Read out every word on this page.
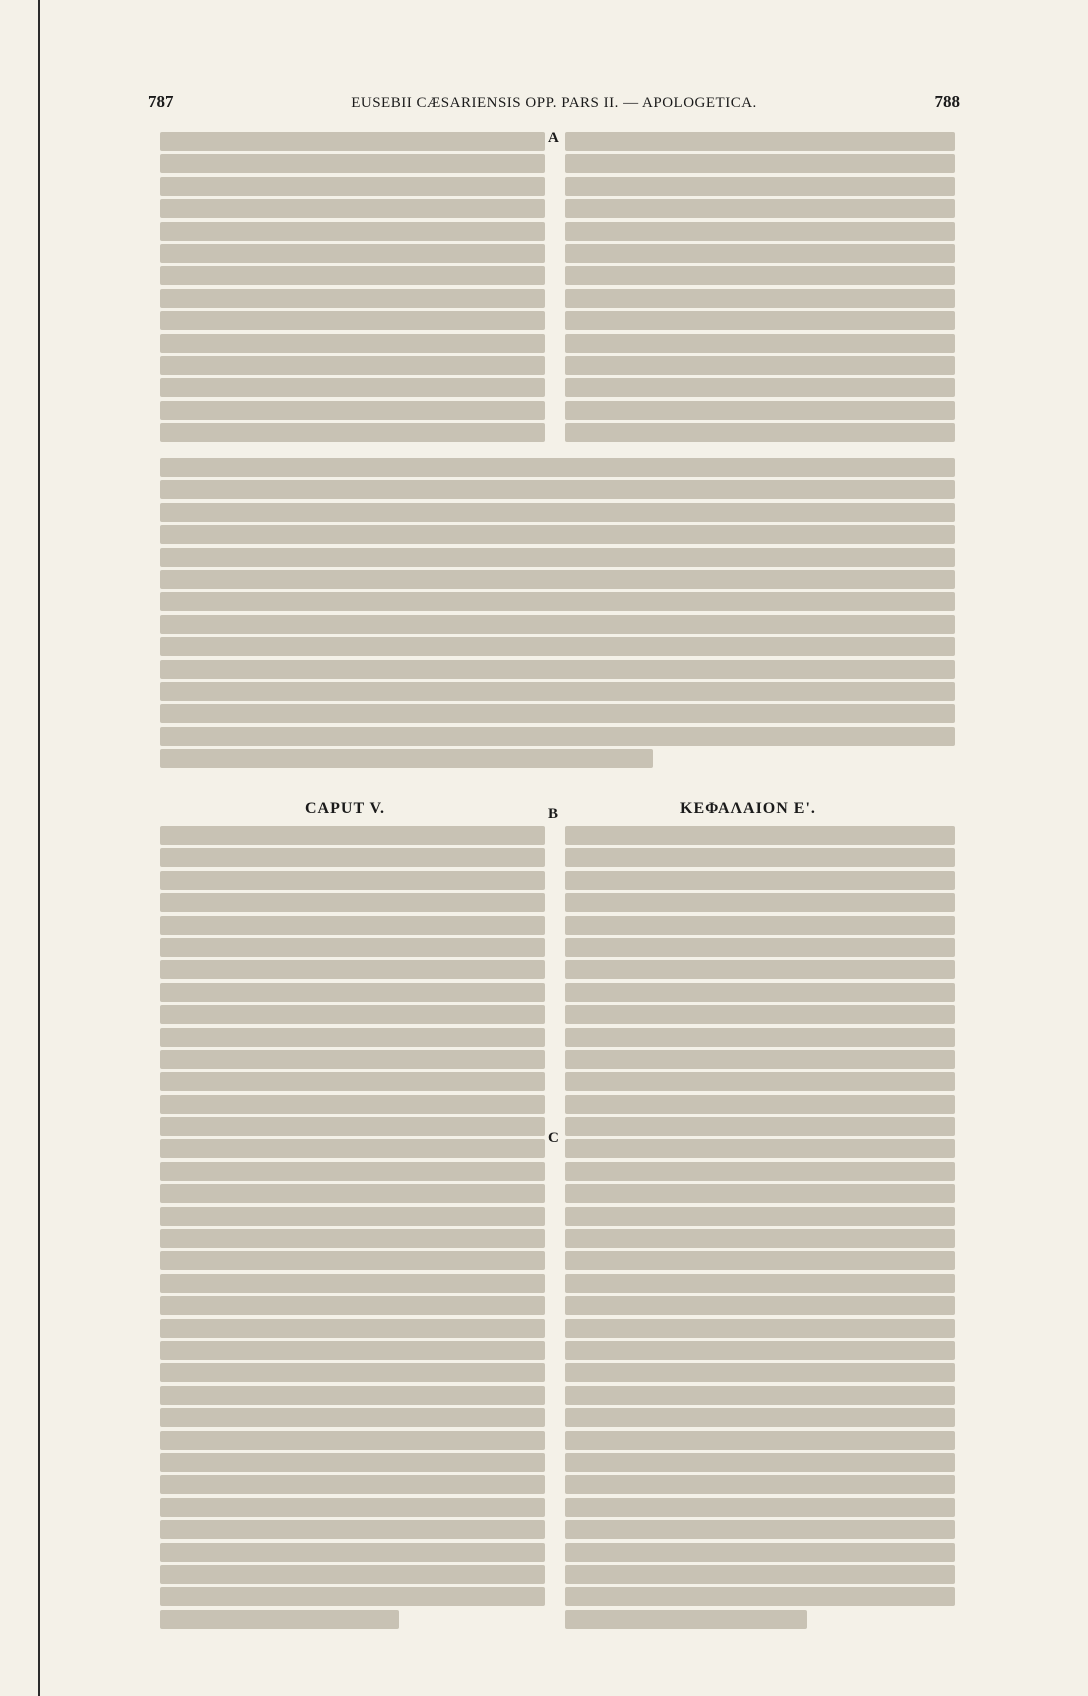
787	EUSEBII CÆSARIENSIS OPP. PARS II. — APOLOGETICA.	788
CAPUT V.	ΚΕΦΑΛΑΙΟΝ Ε'.
A
B
C
